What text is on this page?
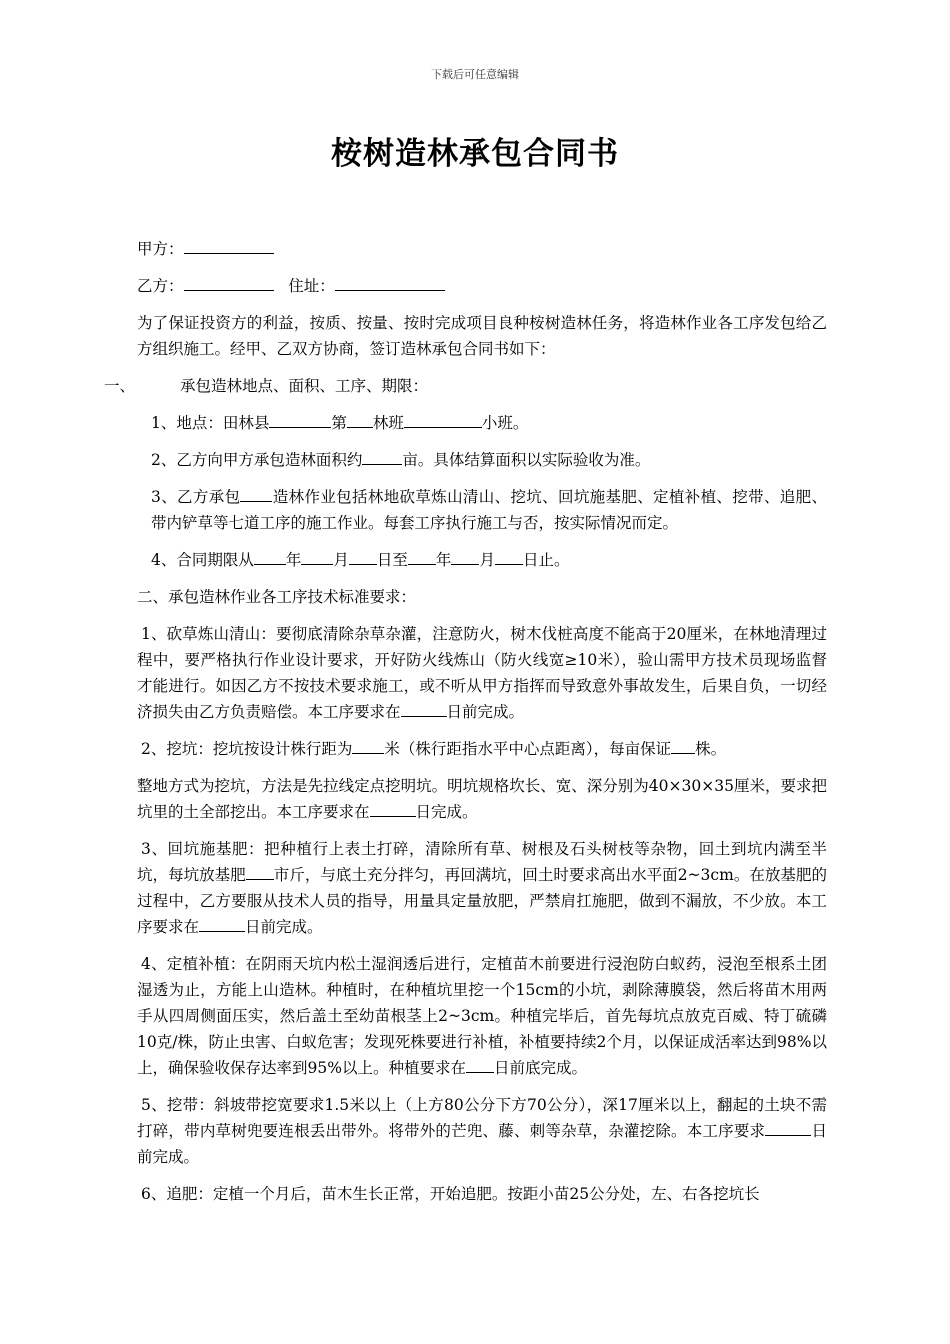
下载后可任意编辑
桉树造林承包合同书

甲方：

乙方：	住址：

为了保证投资方的利益，按质、按量、按时完成项目良种桉树造林任务，将造林作业各工序发包给乙方组织施工。经甲、乙双方协商，签订造林承包合同书如下：

一、	承包造林地点、面积、工序、期限：

1、地点：田林县	第 林班	小班。

2、乙方向甲方承包造林面积约	亩。具体结算面积以实际验收为准。

3、乙方承包 造林作业包括林地砍草炼山清山、挖坑、回坑施基肥、定植补植、挖带、追肥、带内铲草等七道工序的施工作业。每套工序执行施工与否，按实际情况而定。

4、合同期限从 年 月 日至 年 月 日止。

二、承包造林作业各工序技术标准要求：

1、砍草炼山清山：要彻底清除杂草杂灌，注意防火，树木伐桩高度不能高于20厘米，在林地清理过程中，要严格执行作业设计要求，开好防火线炼山（防火线宽≥10米），验山需甲方技术员现场监督才能进行。如因乙方不按技术要求施工，或不听从甲方指挥而导致意外事故发生，后果自负，一切经济损失由乙方负责赔偿。本工序要求在	日前完成。

2、挖坑：挖坑按设计株行距为 米（株行距指水平中心点距离），每亩保证 株。

整地方式为挖坑，方法是先拉线定点挖明坑。明坑规格坎长、宽、深分别为40×30×35厘米，要求把坑里的土全部挖出。本工序要求在	日完成。

3、回坑施基肥：把种植行上表土打碎，清除所有草、树根及石头树枝等杂物，回土到坑内满至半坑，每坑放基肥 市斤，与底土充分拌匀，再回满坑，回土时要求高出水平面2~3cm。在放基肥的过程中，乙方要服从技术人员的指导，用量具定量放肥，严禁肩扛施肥，做到不漏放，不少放。本工序要求在	日前完成。

4、定植补植：在阴雨天坑内松土湿润透后进行，定植苗木前要进行浸泡防白蚁药，浸泡至根系土团湿透为止，方能上山造林。种植时，在种植坑里挖一个15cm的小坑，剥除薄膜袋，然后将苗木用两手从四周侧面压实，然后盖土至幼苗根茎上2~3cm。种植完毕后，首先每坑点放克百威、特丁硫磷10克/株，防止虫害、白蚁危害；发现死株要进行补植，补植要持续2个月，以保证成活率达到98%以上，确保验收保存达率到95%以上。种植要求在 日前底完成。

5、挖带：斜坡带挖宽要求1.5米以上（上方80公分下方70公分），深17厘米以上，翻起的土块不需打碎，带内草树兜要连根丢出带外。将带外的芒兜、藤、刺等杂草，杂灌挖除。本工序要求	日前完成。

6、追肥：定植一个月后，苗木生长正常，开始追肥。按距小苗25公分处，左、右各挖坑长
